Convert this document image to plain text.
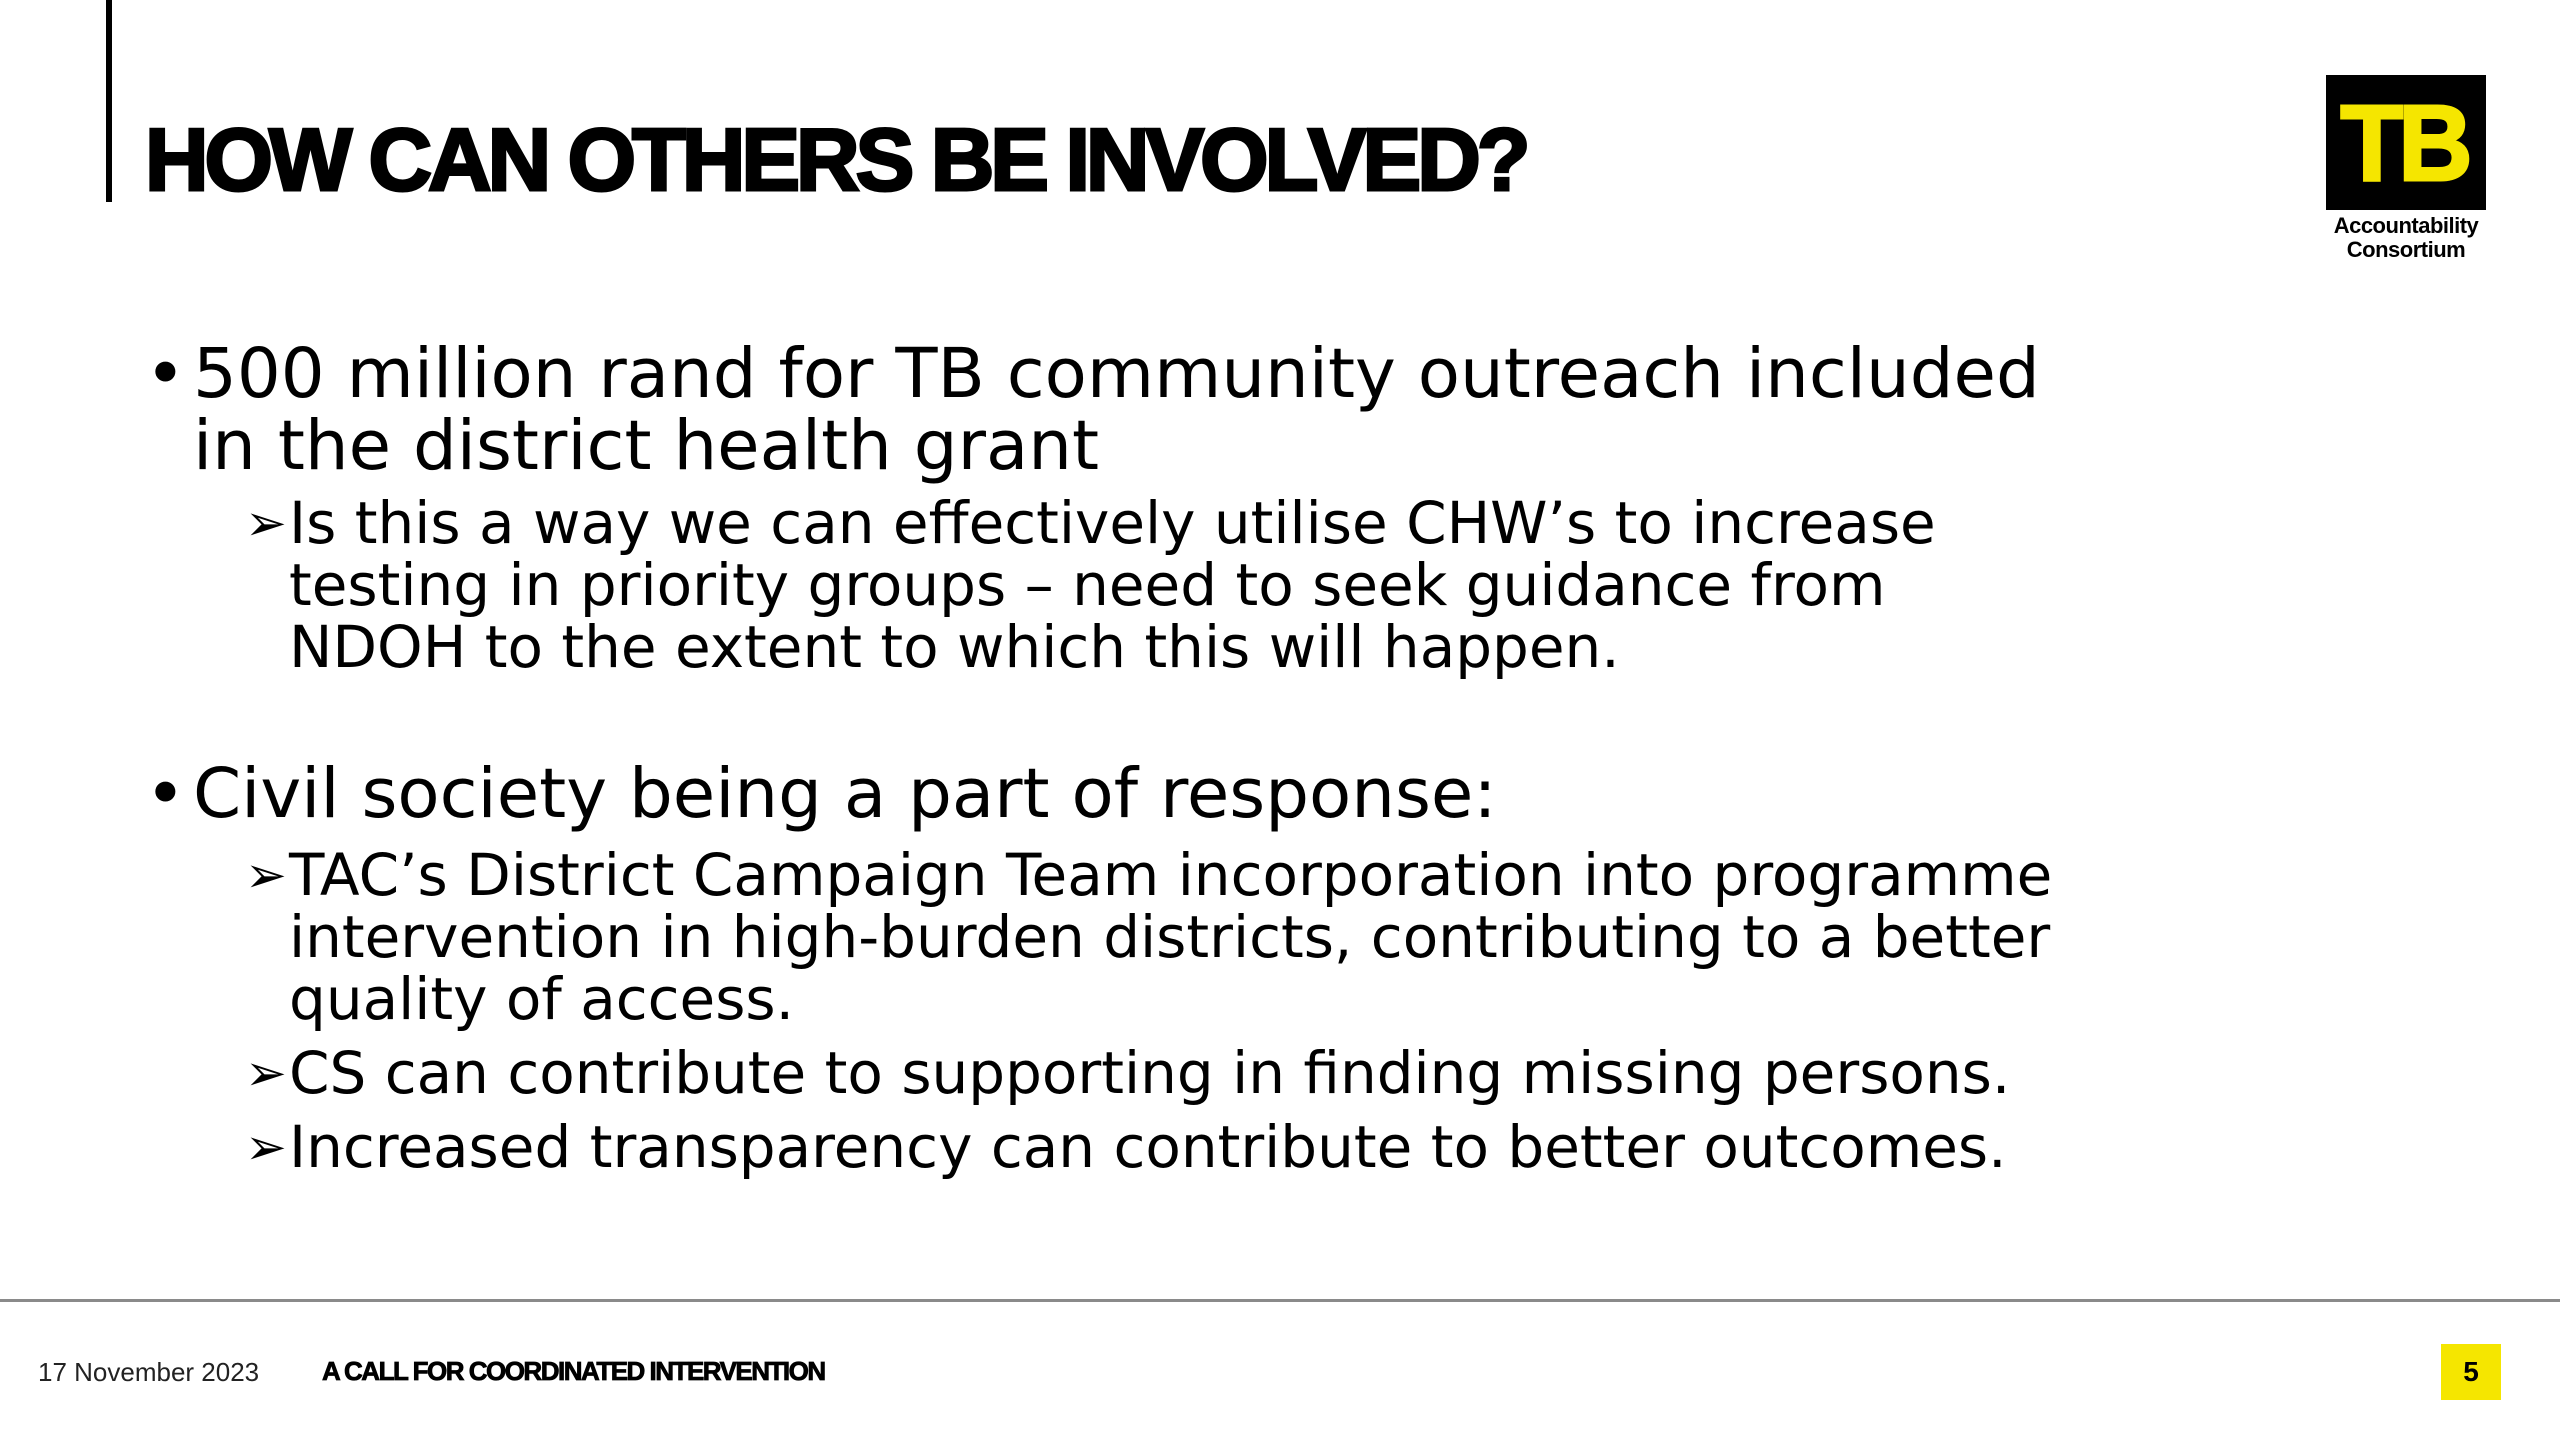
HOW CAN OTHERS BE INVOLVED?	TB
Accountability
Consortium
• 500 million rand for TB community outreach included
in the district health grant
➢ Is this a way we can effectively utilise CHW’s to increase
testing in priority groups – need to seek guidance from
NDOH to the extent to which this will happen.
• Civil society being a part of response:
➢ TAC’s District Campaign Team incorporation into programme
intervention in high-burden districts, contributing to a better
quality of access.
➢ CS can contribute to supporting in finding missing persons.
➢ Increased transparency can contribute to better outcomes.
17 November 2023 A CALL FOR COORDINATED INTERVENTION	5
